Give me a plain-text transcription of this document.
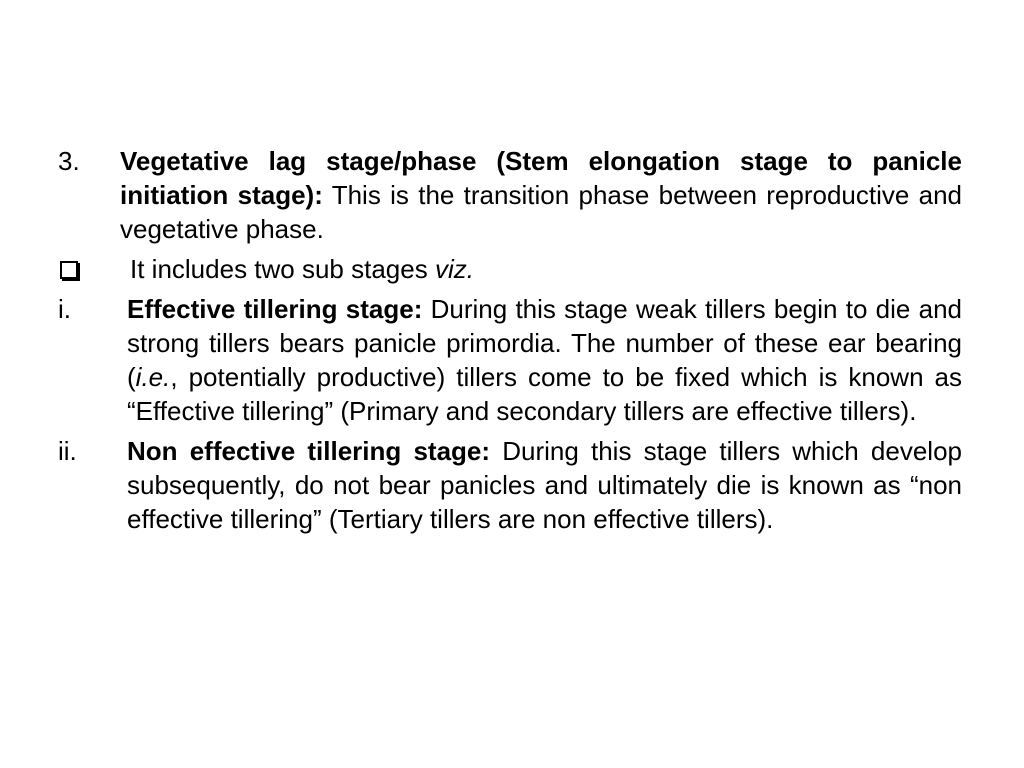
3.	Vegetative lag stage/phase (Stem elongation stage to panicle initiation stage): This is the transition phase between reproductive and vegetative phase.
It includes two sub stages viz.
i.	Effective tillering stage: During this stage weak tillers begin to die and strong tillers bears panicle primordia. The number of these ear bearing (i.e., potentially productive) tillers come to be fixed which is known as “Effective tillering” (Primary and secondary tillers are effective tillers).
ii.	Non effective tillering stage: During this stage tillers which develop subsequently, do not bear panicles and ultimately die is known as “non effective tillering” (Tertiary tillers are non effective tillers).
